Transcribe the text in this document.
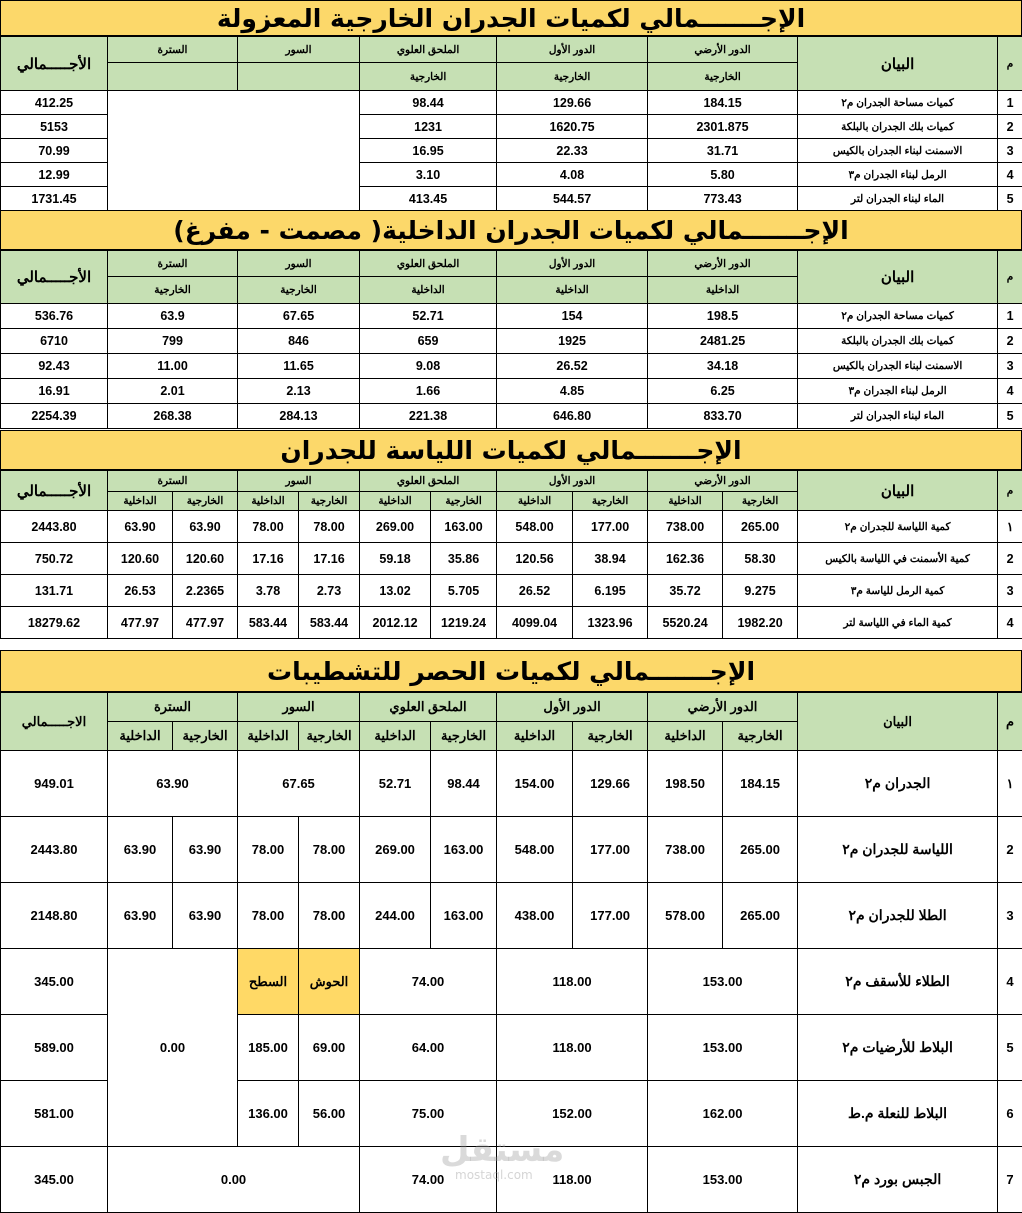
الإجـــــــمالي لكميات الجدران الخارجية المعزولة
الأجـــــمالي	السترة	السور	الملحق العلوي	الدور الأول	الدور الأرضي	البيان	م
			الخارجية	الخارجية	الخارجية		
412.25			98.44	129.66	184.15	كميات مساحة الجدران م٢	1
5153			1231	1620.75	2301.875	كميات بلك الجدران بالبلكة	2
70.99			16.95	22.33	31.71	الاسمنت لبناء الجدران بالكيس	3
12.99			3.10	4.08	5.80	الرمل لبناء الجدران م٣	4
1731.45			413.45	544.57	773.43	الماء لبناء الجدران لتر	5
الإجـــــــمالي لكميات الجدران الداخلية( مصمت - مفرغ)
الأجـــــمالي	السترة	السور	الملحق العلوي	الدور الأول	الدور الأرضي	البيان	م
	الخارجية	الخارجية	الداخلية	الداخلية	الداخلية		
536.76	63.9	67.65	52.71	154	198.5	كميات مساحة الجدران م٢	1
6710	799	846	659	1925	2481.25	كميات بلك الجدران بالبلكة	2
92.43	11.00	11.65	9.08	26.52	34.18	الاسمنت لبناء الجدران بالكيس	3
16.91	2.01	2.13	1.66	4.85	6.25	الرمل لبناء الجدران م٣	4
2254.39	268.38	284.13	221.38	646.80	833.70	الماء لبناء الجدران لتر	5
الإجـــــــمالي لكميات اللياسة للجدران
الأجـــــمالي	السترة		السور		الملحق العلوي		الدور الأول		الدور الأرضي		البيان	م
	الداخلية	الخارجية	الداخلية	الخارجية	الداخلية	الخارجية	الداخلية	الخارجية	الداخلية	الخارجية		
2443.80	63.90	63.90	78.00	78.00	269.00	163.00	548.00	177.00	738.00	265.00	كمية اللياسة للجدران م٢	١
750.72	120.60	120.60	17.16	17.16	59.18	35.86	120.56	38.94	162.36	58.30	كمية الأسمنت في اللياسة بالكيس	2
131.71	26.53	2.2365	3.78	2.73	13.02	5.705	26.52	6.195	35.72	9.275	كمية الرمل للياسة م٣	3
18279.62	477.97	477.97	583.44	583.44	2012.12	1219.24	4099.04	1323.96	5520.24	1982.20	كمية الماء في اللياسة لتر	4
الإجـــــــمالي لكميات الحصر للتشطيبات
الاجـــــمالي	السترة		السور		الملحق العلوي		الدور الأول		الدور الأرضي		البيان	م
	الداخلية	الخارجية	الداخلية	الخارجية	الداخلية	الخارجية	الداخلية	الخارجية	الداخلية	الخارجية		
949.01	63.90		67.65		52.71	98.44	154.00	129.66	198.50	184.15	الجدران م٢	١
2443.80	63.90	63.90	78.00	78.00	269.00	163.00	548.00	177.00	738.00	265.00	اللياسة للجدران م٢	2
2148.80	63.90	63.90	78.00	78.00	244.00	163.00	438.00	177.00	578.00	265.00	الطلا للجدران م٢	3
345.00	0.00		السطح	الحوش	74.00		118.00		153.00		الطلاء للأسقف م٢	4
589.00			185.00	69.00	64.00		118.00		153.00		البلاط للأرضيات م٢	5
581.00			136.00	56.00	75.00		152.00		162.00		البلاط للنعلة م.ط	6
345.00	0.00				74.00		118.00		153.00		الجبس بورد م٢	7
مستقل
mostaql.com
